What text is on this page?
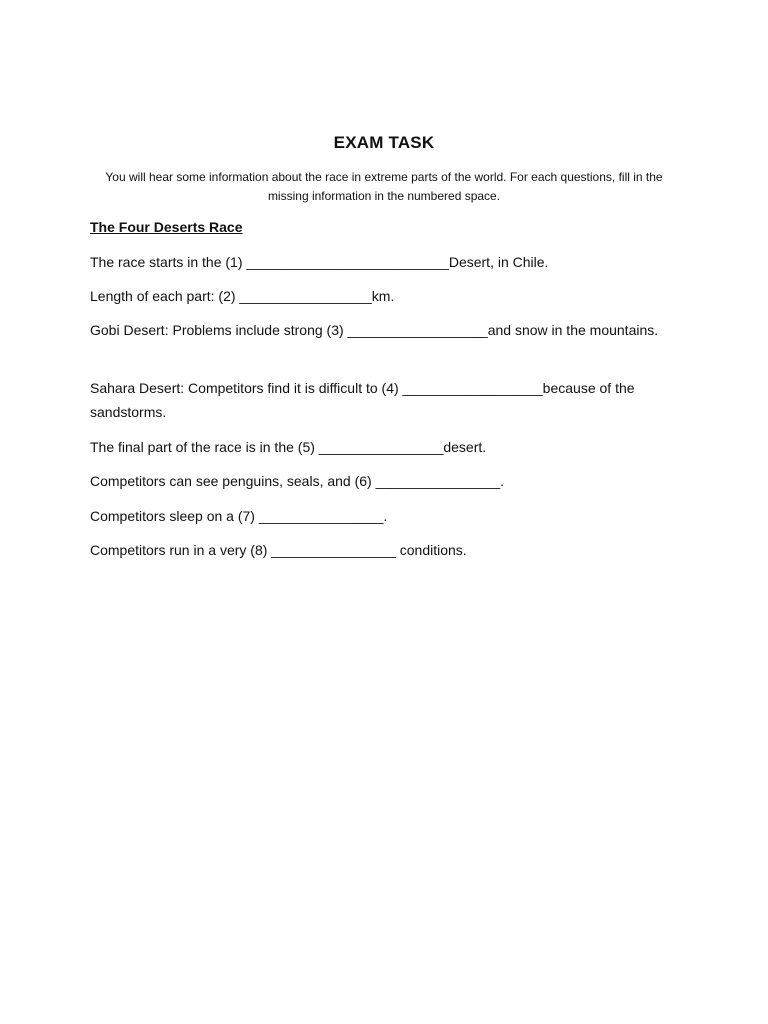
EXAM TASK
You will hear some information about the race in extreme parts of the world. For each questions, fill in the missing information in the numbered space.
The Four Deserts Race
The race starts in the (1) __________________________Desert, in Chile.
Length of each part: (2) _________________km.
Gobi Desert: Problems include strong (3) __________________and snow in the mountains.
Sahara Desert: Competitors find it is difficult to (4) __________________because of the sandstorms.
The final part of the race is in the (5) ________________desert.
Competitors can see penguins, seals, and (6) ________________.
Competitors sleep on a (7) ________________.
Competitors run in a very (8) ________________ conditions.
